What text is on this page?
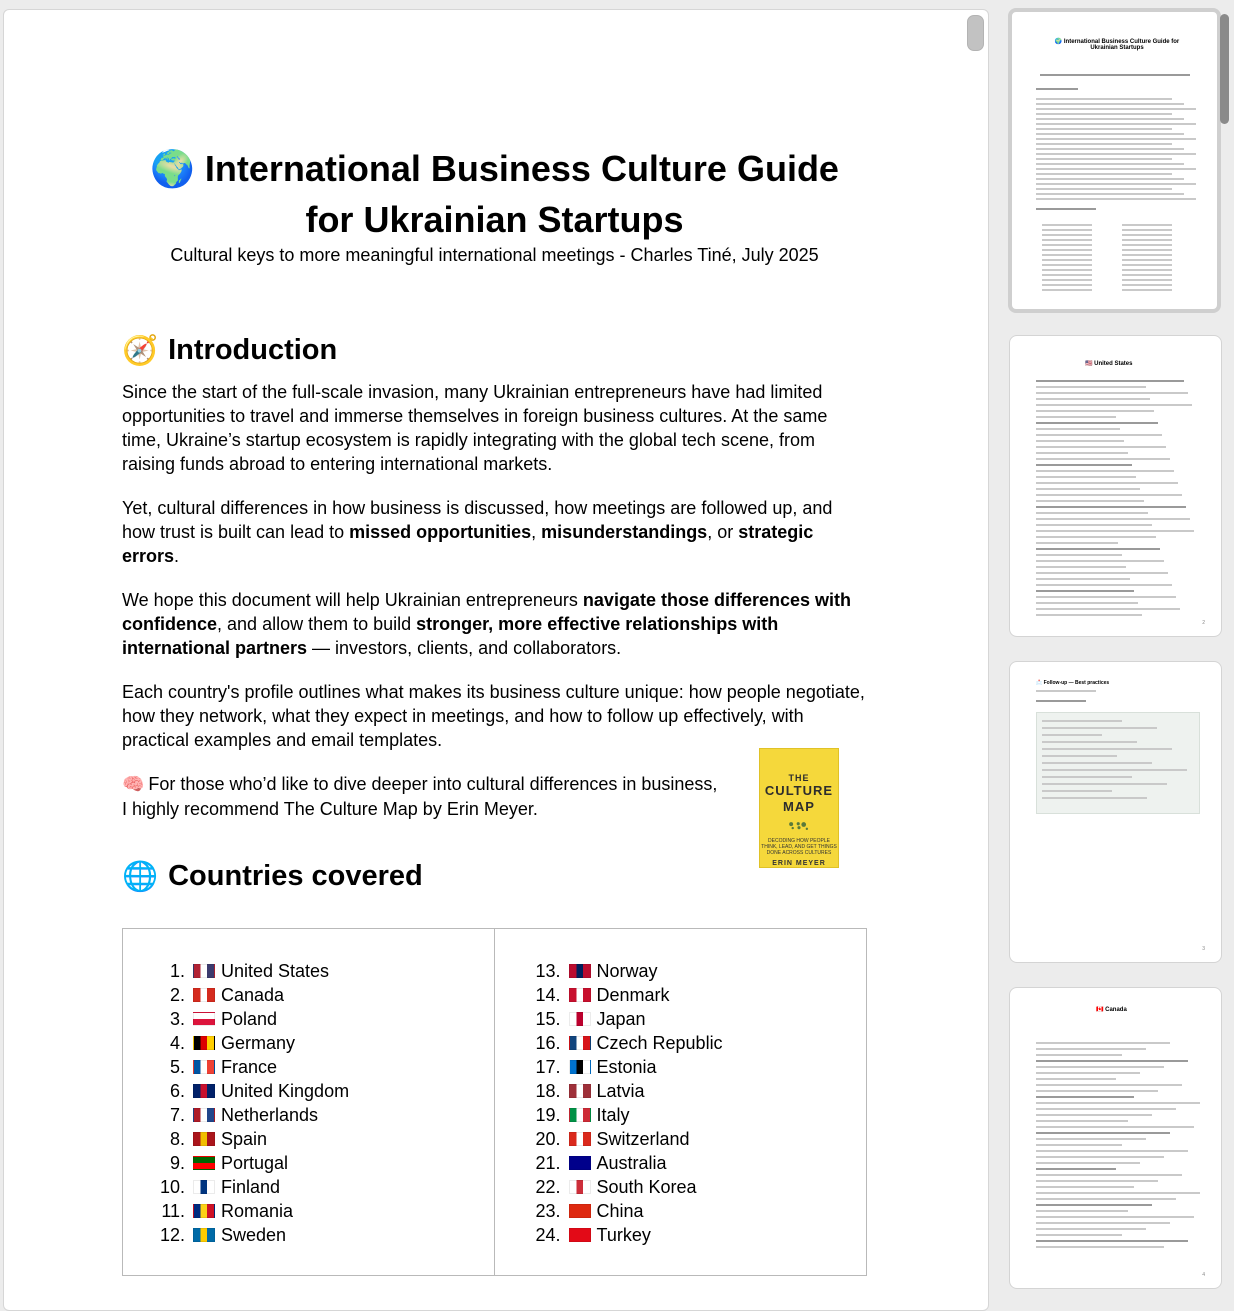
🌍 International Business Culture Guide
for Ukrainian Startups
Cultural keys to more meaningful international meetings - Charles Tiné, July 2025
🧭 Introduction
Since the start of the full-scale invasion, many Ukrainian entrepreneurs have had limited opportunities to travel and immerse themselves in foreign business cultures. At the same time, Ukraine’s startup ecosystem is rapidly integrating with the global tech scene, from raising funds abroad to entering international markets.
Yet, cultural differences in how business is discussed, how meetings are followed up, and how trust is built can lead to missed opportunities, misunderstandings, or strategic errors.
We hope this document will help Ukrainian entrepreneurs navigate those differences with confidence, and allow them to build stronger, more effective relationships with international partners — investors, clients, and collaborators.
Each country's profile outlines what makes its business culture unique: how people negotiate, how they network, what they expect in meetings, and how to follow up effectively, with practical examples and email templates.
🧠 For those who’d like to dive deeper into cultural differences in business,
I highly recommend The Culture Map by Erin Meyer.
THE
CULTURE
MAP
DECODING HOW PEOPLE THINK, LEAD, AND GET THINGS DONE ACROSS CULTURES
ERIN MEYER
🌐 Countries covered
1. United States
2. Canada
3. Poland
4. Germany
5. France
6. United Kingdom
7. Netherlands
8. Spain
9. Portugal
10. Finland
11. Romania
12. Sweden
13. Norway
14. Denmark
15. Japan
16. Czech Republic
17. Estonia
18. Latvia
19. Italy
20. Switzerland
21. Australia
22. South Korea
23. China
24. Turkey
🌍 International Business Culture Guide for Ukrainian Startups
🇺🇸 United States
2
📩 Follow-up — Best practices
3
🇨🇦 Canada
4
